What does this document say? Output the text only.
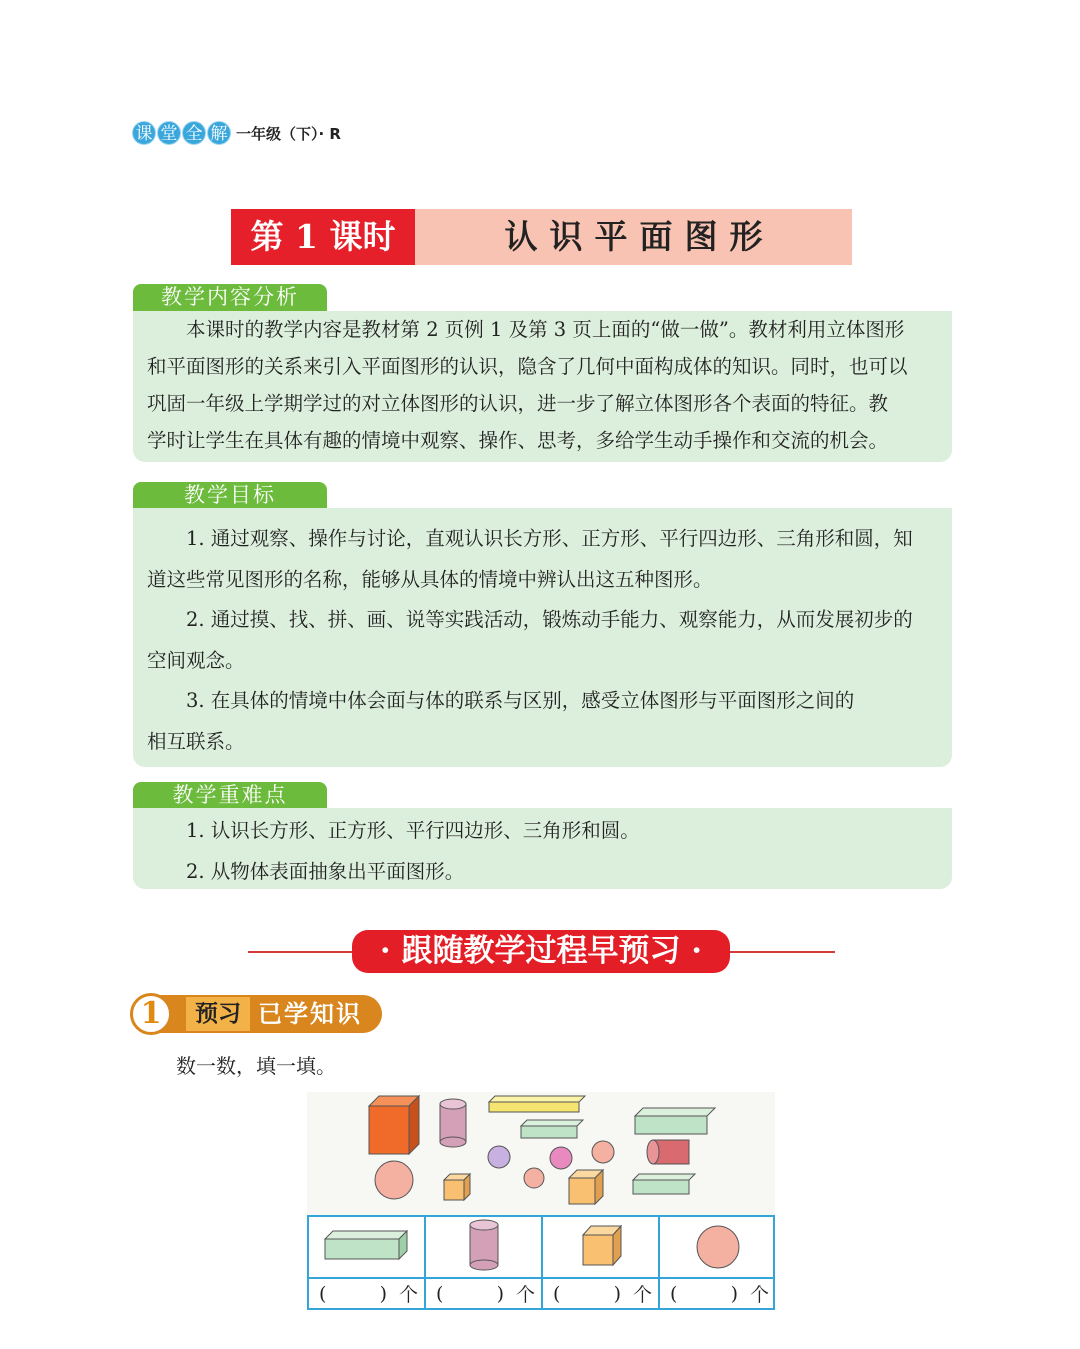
课 堂 全 解 一年级（下）· R
第 1 课时	认识平面图形
教学内容分析
　　本课时的教学内容是教材第 2 页例 1 及第 3 页上面的“做一做”。教材利用立体图形
和平面图形的关系来引入平面图形的认识，隐含了几何中面构成体的知识。同时，也可以
巩固一年级上学期学过的对立体图形的认识，进一步了解立体图形各个表面的特征。教
学时让学生在具体有趣的情境中观察、操作、思考，多给学生动手操作和交流的机会。
教学目标
　　1. 通过观察、操作与讨论，直观认识长方形、正方形、平行四边形、三角形和圆，知
道这些常见图形的名称，能够从具体的情境中辨认出这五种图形。
　　2. 通过摸、找、拼、画、说等实践活动，锻炼动手能力、观察能力，从而发展初步的
空间观念。
　　3. 在具体的情境中体会面与体的联系与区别，感受立体图形与平面图形之间的
相互联系。
教学重难点
　　1. 认识长方形、正方形、平行四边形、三角形和圆。
　　2. 从物体表面抽象出平面图形。
· 跟随教学过程早预习 ·
1	预习 已学知识
数一数，填一填。
(	) 个 (	) 个 (	) 个 (	) 个
